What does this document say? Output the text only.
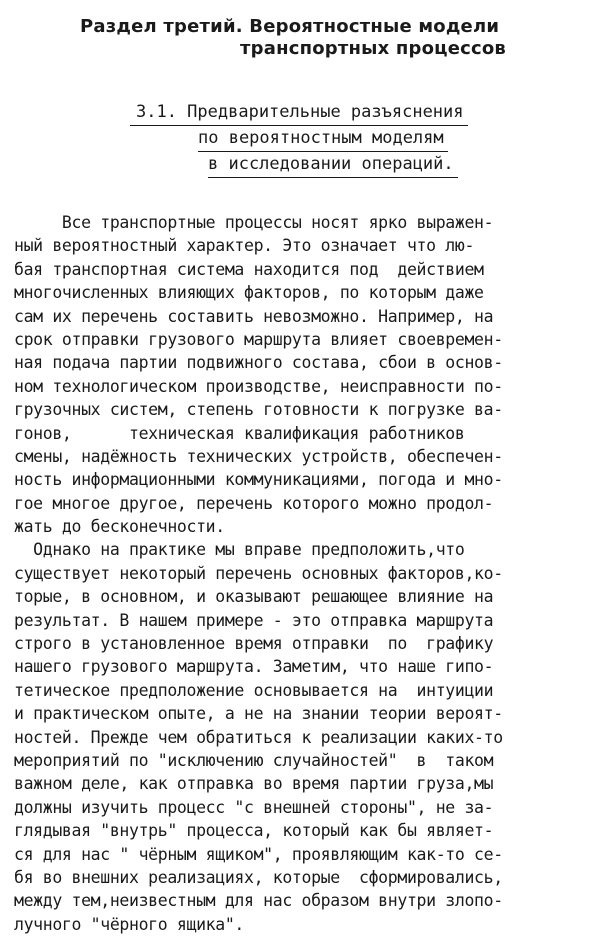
Раздел третий. Вероятностные модели
транспортных процессов
3.1. Предварительные разъяснения
по вероятностным моделям
в исследовании операций.
Все транспортные процессы носят ярко выражен-
ный вероятностный характер. Это означает что лю-
бая транспортная система находится под  действием
многочисленных влияющих факторов, по которым даже
сам их перечень составить невозможно. Например, на
срок отправки грузового маршрута влияет своевремен-
ная подача партии подвижного состава, сбои в основ-
ном технологическом производстве, неисправности по-
грузочных систем, степень готовности к погрузке ва-
гонов,      техническая квалификация работников
смены, надёжность технических устройств, обеспечен-
ность информационными коммуникациями, погода и мно-
гое многое другое, перечень которого можно продол-
жать до бесконечности.
Однако на практике мы вправе предположить,что
существует некоторый перечень основных факторов,ко-
торые, в основном, и оказывают решающее влияние на
результат. В нашем примере - это отправка маршрута
строго в установленное время отправки  по  графику
нашего грузового маршрута. Заметим, что наше гипо-
тетическое предположение основывается на  интуиции
и практическом опыте, а не на знании теории вероят-
ностей. Прежде чем обратиться к реализации каких-то
мероприятий по "исключению случайностей"  в  таком
важном деле, как отправка во время партии груза,мы
должны изучить процесс "с внешней стороны", не за-
глядывая "внутрь" процесса, который как бы являет-
ся для нас " чёрным ящиком", проявляющим как-то се-
бя во внешних реализациях, которые  сформировались,
между тем,неизвестным для нас образом внутри злопо-
лучного "чёрного ящика".
